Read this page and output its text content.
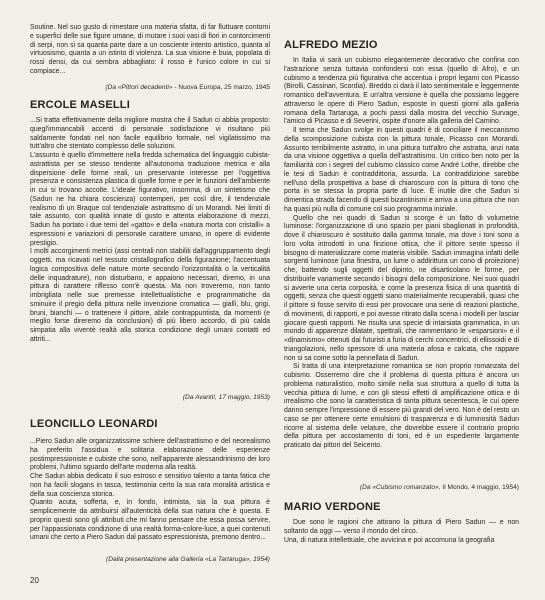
Soutine. Nel suo gusto di rimestare una materia sfatta, di far fluttuare contorni e superfici delle sue figure umane, di mutare i suoi vasi di fiori in contorcimenti di serpi, non si sa quanta parte dare a un cosciente intento artistico, quanta al virtuosismo, quanta a un istinto di violenza. La sua visione è buia, popolata di rossi densi, da cui sembra abbagliato: il rosso è l'unico colore in cui si compiace...

(Da «Pittori decadenti» - Nuova Europa, 25 marzo, 1945
ERCOLE MASELLI

...Si tratta effettivamente della migliore mostra che il Sadun ci abbia proposto: quegl'immancabili accenti di personale sodisfazione vi risultano più saldamente fondati nel non facile equilibrio formale, nel vigilatissimo ma tutt'altro che stentato complesso delle soluzioni.

L'assunto è quello d'immettere nella fredda schematica del linguaggio cubista-astrattista per se stesso tendente all'autonoma traduzione metrica e alla dispersione delle forme reali, un preservante interesse per l'oggettiva presenza e consistenza plastica di quelle forme e per le funzioni dell'ambiente in cui si trovano accolte. L'ideale figurativo, insomma, di un sintetismo che (Sadun ne ha chiara coscienza) contemperi, per così dire, il tendenziale realismo di un Braque col tendenziale astrattismo di un Morandi. Nei limiti di tale assunto, con qualità innate di gusto e attenta elaborazione di mezzi, Sadun ha portato i due temi del «gatto» e della «natura morta con cristalli» a espressioni e variazioni di personale carattere umano, in opere di evidente prestigio.

I molti accorgimenti metrici (assi centrali non stabiliti dall'aggruppamento degli oggetti, ma ricavati nel tessuto cristallografico della figurazione; l'accentuata logica compositiva delle nature morte secondo l'orizzontalità o la verticalità delle inquadrature), non disturbano, e appaiono necessari, diremo, in una pittura di carattere riflesso com'è questa. Ma non troveremo, non tanto imbrigliata nelle sue premesse intellettualistiche e programmatiche da sminuire il pregio della pittura nelle invenzione cromatica — gialli, blu, grigi, bruni, bianchi — o trattenere il pittore, abile contrappuntista, da momenti (e meglio forse direremo da conclusioni) di più libero accordo, di più calda simpatia alla viventè realtà alla storica condizione degli umani contatti ed attriti...

(Da Avanti!, 17 maggio, 1953)
LEONCILLO LEONARDI

...Piero Sadun alle organizzatissime schiere dell'astrattismo e del neorealismo ha preferito l'assidua e solitaria elaborazione delle esperienze postimpressioniste e cubiste che sono, nell'apparente alessandrinismo dei loro problemi, l'ultimo sguardo dell'arte moderna alla realtà.

Che Sadun abbia dedicato il suo estroso e sensitivo talento a tanta fatica che non ha facili slogans in tasca, testimonia certo la sua rara moralità artistica e della sua coscienza storica.

Quanto acuta, sofferta, e, in fondo, intimista, sia la sua pittura è semplicemente da attribuirsi all'autenticità della sua natura che è questa. E proprio questi sono gli attributi che mi fanno pensare che essa possa servire, per l'appassionata condizione di una realtà forma-colore-luce, a quei contenuti umani che certo a Piero Sadun dal passato espressionista, premono dentro...

(Dalla presentazione alla Galleria «La Tartaruga», 1954)
20
ALFREDO MEZIO

In Italia vi sarà un cubismo elegantemente decorativo che confina con l'astrazione senza tuttavia confondersi con essa (quello di Afro), e un cubismo a tendenza più figurativa che accentua i propri legami con Picasso (Birolli, Cassinari, Scordia). Breddo ci darà il lato sentimentale e leggermente romantico dell'avventura. E un'altra versione è quella che possiamo leggere attraverso le opere di Piero Sadun, esposte in questi giorni alla galleria romana della Tartaruga, a pochi passi dalla mostra del vecchio Survage, l'amico di Picasso e di Severini, ospite d'onore alla galleria del Camino.

Il tema che Sadun svolge in questi quadri è di conciliare il meccanismo della scomposizione cubista con la pittura tonale, Picasso con Morandi. Assunto terribilmente astratto, in una pittura tutt'altro che astratta, anzi nata da una visione oggettiva a quella dell'astrattismo. Un critico ben noto per la familiarità con i segreti del cubismo classico come André Lothe, direbbe che le tesi di Sadun è contraddittoria, assurda. La contraddizione sarebbe nell'uso della prospettiva a base di chiaroscuro con la pittura di tono che porta in se stessa la propria parte di luce. È inutile dire che Sadun si dimentica strada facendo di questi bizantinismi e arriva a una pittura che non ha quasi più nulla di comune col suo programma iniziale.

Quello che nei quadri di Sadun si scorge è un fatto di volumetrie luminose: l'organizzazione di uno spazio per piani sbaglionati in profondità, dove il chiaroscuro è sostituito dalla gamma tonale, ma dove i toni sono a loro volta introdotti in una finzione ottica, che il pittore sente spesso il bisogno di materializzare come materia visibile. Sadun immagina infatti delle sorgenti luminose (una finestra, un lume o addirittura un cono di proiezione) che, battendo sugli oggetti del dipinto, ne disarticolano le forme, per distribuirle variamente secondo i bisogni della composizione. Nei suoi quadri si avverte una certa corposità, e come la presenza fisica di una quantità di oggetti, senza che questi oggetti siano materialmente recuperabili, quasi che il pittore si fosse servito di essi per provocare una serie di reazioni plastiche, di movimenti, di rapporti, e poi avesse ritirato dalla scena i modelli per lasciar giocare questi rapporti. Ne risulta una specie di intarsiata grammatica, in un mondo di apparenze dilatate, spettrali, che rammentano le «esparsioni» e il «dinamismo» ottenuti dai futuristi a furia di cerchi concentrici, di ellissoidi e di triangolazioni, nello spessore di una materia afosa e calcata, che rappare non si sa come sotto la pennellata di Sadun.

Si tratta di una interpretazione romantica se non proprio romanzata del cubismo. Osserremo dire che il problema di questa pittura è ancora un problema naturalistico, molto simile nella sua struttura a quello di tutta la vecchia pittura di lume, e con gli stessi effetti di amplificazione ottica e di irrealismo che sono la caratteristica di tanta pittura secentesca, le cui opere danno sempre l'impressione di essere più grandi del vero. Non è del resto un caso se per ottenere certe emulsioni di trasparenza e di luminosità Sadun ricorre al sistema delle velature, che dovrebbe essere il contrario proprio della pittura per accostamento di toni, ed è un espediente largamente praticato dai pittori del Seicento.

(Da «Cubismo romanzato», Il Mondo, 4 maggio, 1954)
MARIO VERDONE

Due sono le ragioni che attirano la pittura di Piero Sadun — e non soltanto da oggi — verso il mondo del circo.

Una, di natura intellettuale, che avvicina e poi accomuna la geografia
